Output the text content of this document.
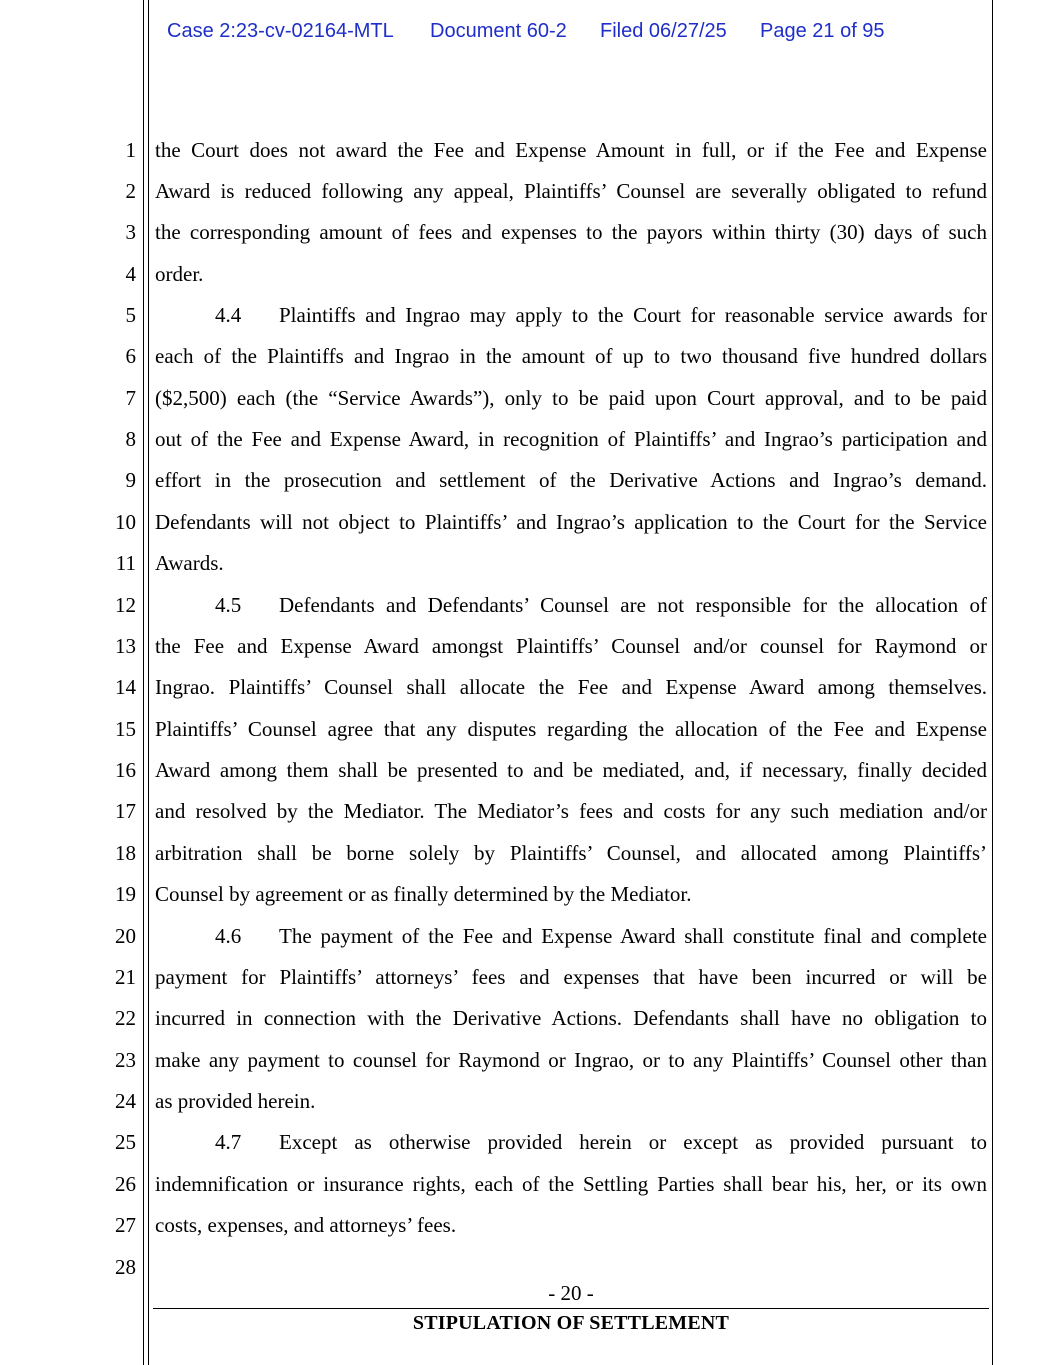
Case 2:23-cv-02164-MTL Document 60-2 Filed 06/27/25 Page 21 of 95
1
2
3
4
5
6
7
8
9
10
11
12
13
14
15
16
17
18
19
20
21
22
23
24
25
26
27
28
the Court does not award the Fee and Expense Amount in full, or if the Fee and Expense
Award is reduced following any appeal, Plaintiffs’ Counsel are severally obligated to refund
the corresponding amount of fees and expenses to the payors within thirty (30) days of such
order.
4.4 Plaintiffs and Ingrao may apply to the Court for reasonable service awards for
each of the Plaintiffs and Ingrao in the amount of up to two thousand five hundred dollars
($2,500) each (the “Service Awards”), only to be paid upon Court approval, and to be paid
out of the Fee and Expense Award, in recognition of Plaintiffs’ and Ingrao’s participation and
effort in the prosecution and settlement of the Derivative Actions and Ingrao’s demand.
Defendants will not object to Plaintiffs’ and Ingrao’s application to the Court for the Service
Awards.
4.5 Defendants and Defendants’ Counsel are not responsible for the allocation of
the Fee and Expense Award amongst Plaintiffs’ Counsel and/or counsel for Raymond or
Ingrao. Plaintiffs’ Counsel shall allocate the Fee and Expense Award among themselves.
Plaintiffs’ Counsel agree that any disputes regarding the allocation of the Fee and Expense
Award among them shall be presented to and be mediated, and, if necessary, finally decided
and resolved by the Mediator. The Mediator’s fees and costs for any such mediation and/or
arbitration shall be borne solely by Plaintiffs’ Counsel, and allocated among Plaintiffs’
Counsel by agreement or as finally determined by the Mediator.
4.6 The payment of the Fee and Expense Award shall constitute final and complete
payment for Plaintiffs’ attorneys’ fees and expenses that have been incurred or will be
incurred in connection with the Derivative Actions. Defendants shall have no obligation to
make any payment to counsel for Raymond or Ingrao, or to any Plaintiffs’ Counsel other than
as provided herein.
4.7 Except as otherwise provided herein or except as provided pursuant to
indemnification or insurance rights, each of the Settling Parties shall bear his, her, or its own
costs, expenses, and attorneys’ fees.
- 20 -
STIPULATION OF SETTLEMENT
